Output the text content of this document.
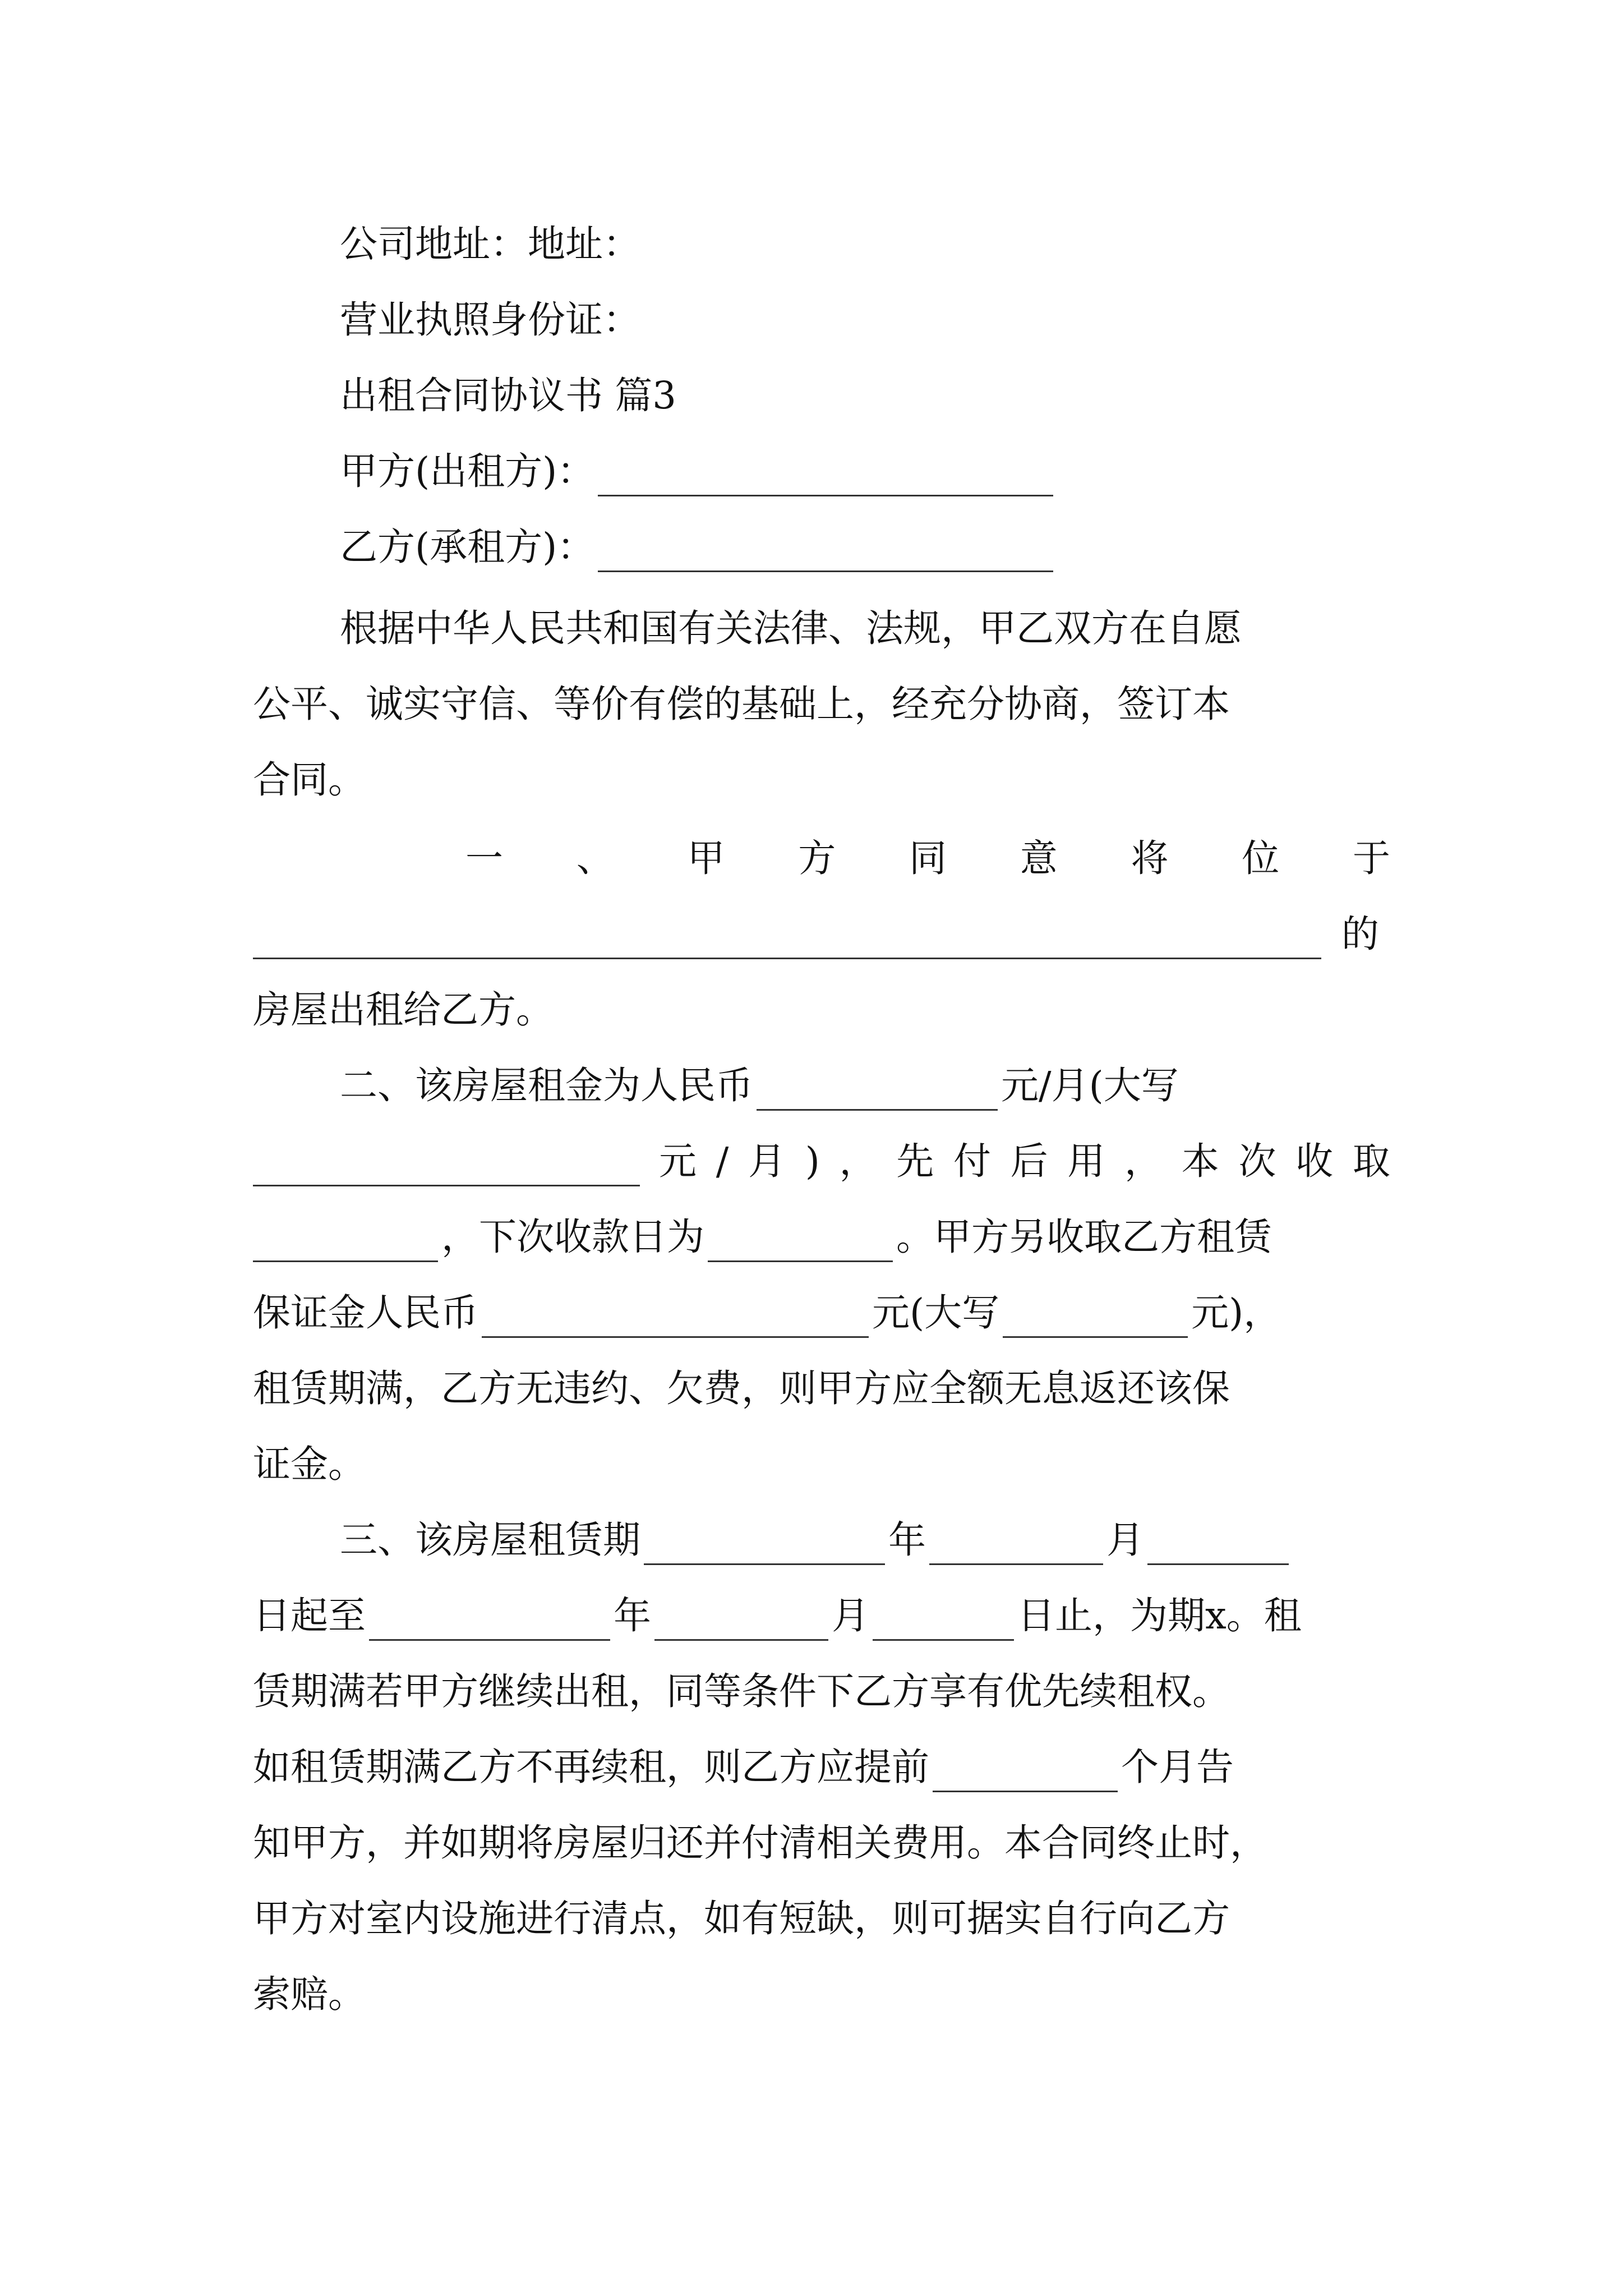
公司地址：地址：
营业执照身份证：
出租合同协议书 篇3
甲方(出租方)：
乙方(承租方)：
根据中华人民共和国有关法律、法规，甲乙双方在自愿
公平、诚实守信、等价有偿的基础上，经充分协商，签订本
合同。
一 、 甲 方 同 意 将 位 于
的
房屋出租给乙方。
二、该房屋租金为人民币	元/月(大写
元 / 月 ) ， 先 付 后 用 ， 本 次 收 取
，下次收款日为	。甲方另收取乙方租赁
保证金人民币	元(大写	元)，
租赁期满，乙方无违约、欠费，则甲方应全额无息返还该保
证金。
三、该房屋租赁期	年	月
日起至	年	月	日止，为期x。租
赁期满若甲方继续出租，同等条件下乙方享有优先续租权。
如租赁期满乙方不再续租，则乙方应提前	个月告
知甲方，并如期将房屋归还并付清相关费用。本合同终止时，
甲方对室内设施进行清点，如有短缺，则可据实自行向乙方
索赔。
